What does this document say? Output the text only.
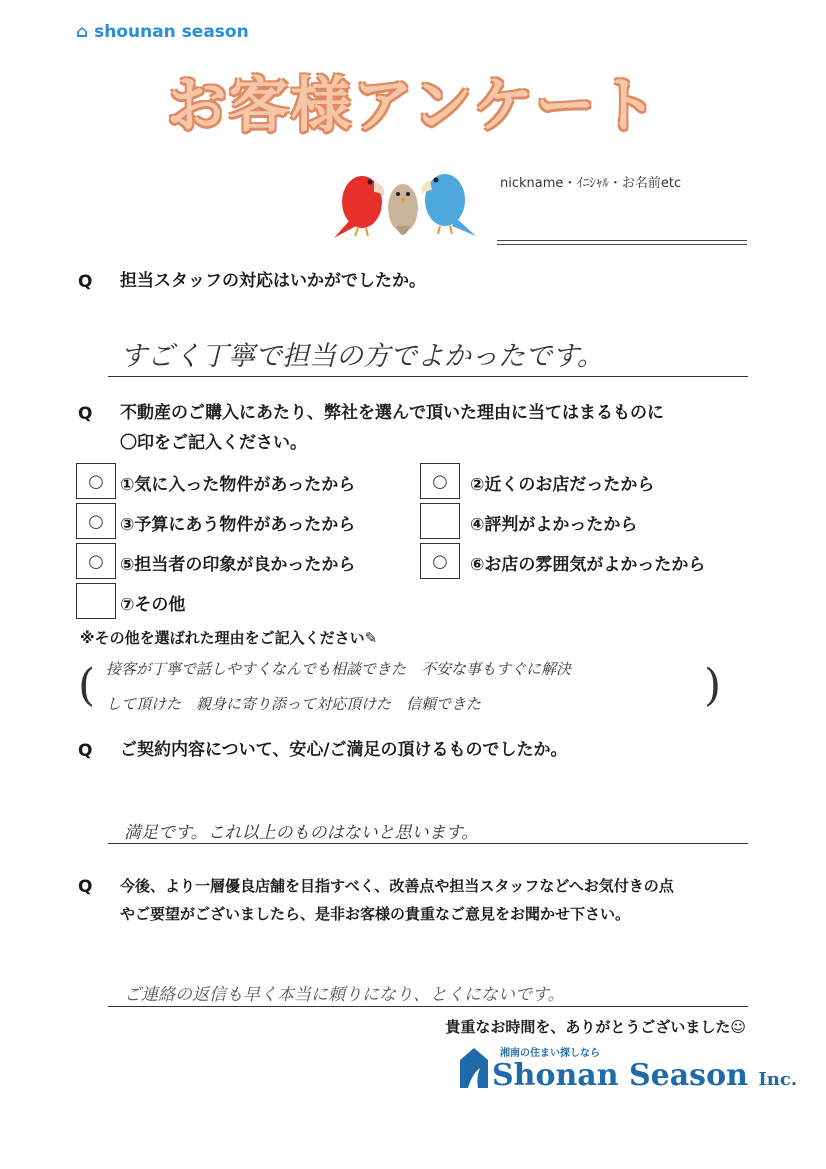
⌂ shounan season
お客様アンケート
nickname・ｲﾆｼｬﾙ・お名前etc
Q 担当スタッフの対応はいかがでしたか。
すごく丁寧で担当の方でよかったです。
Q 不動産のご購入にあたり、弊社を選んで頂いた理由に当てはまるものに
〇印をご記入ください。
○ ①気に入った物件があったから	○	②近くのお店だったから
○ ③予算にあう物件があったから	④評判がよかったから
○ ⑤担当者の印象が良かったから	○	⑥お店の雰囲気がよかったから
⑦その他
※その他を選ばれた理由をご記入ください✎
(	)
接客が丁寧で話しやすくなんでも相談できた　不安な事もすぐに解決
して頂けた　親身に寄り添って対応頂けた　信頼できた
Q ご契約内容について、安心/ご満足の頂けるものでしたか。
満足です。これ以上のものはないと思います。
Q 今後、より一層優良店舗を目指すべく、改善点や担当スタッフなどへお気付きの点
やご要望がございましたら、是非お客様の貴重なご意見をお聞かせ下さい。
ご連絡の返信も早く本当に頼りになり、とくにないです。
貴重なお時間を、ありがとうございました☺
湘南の住まい探しなら
Shonan Season Inc.
